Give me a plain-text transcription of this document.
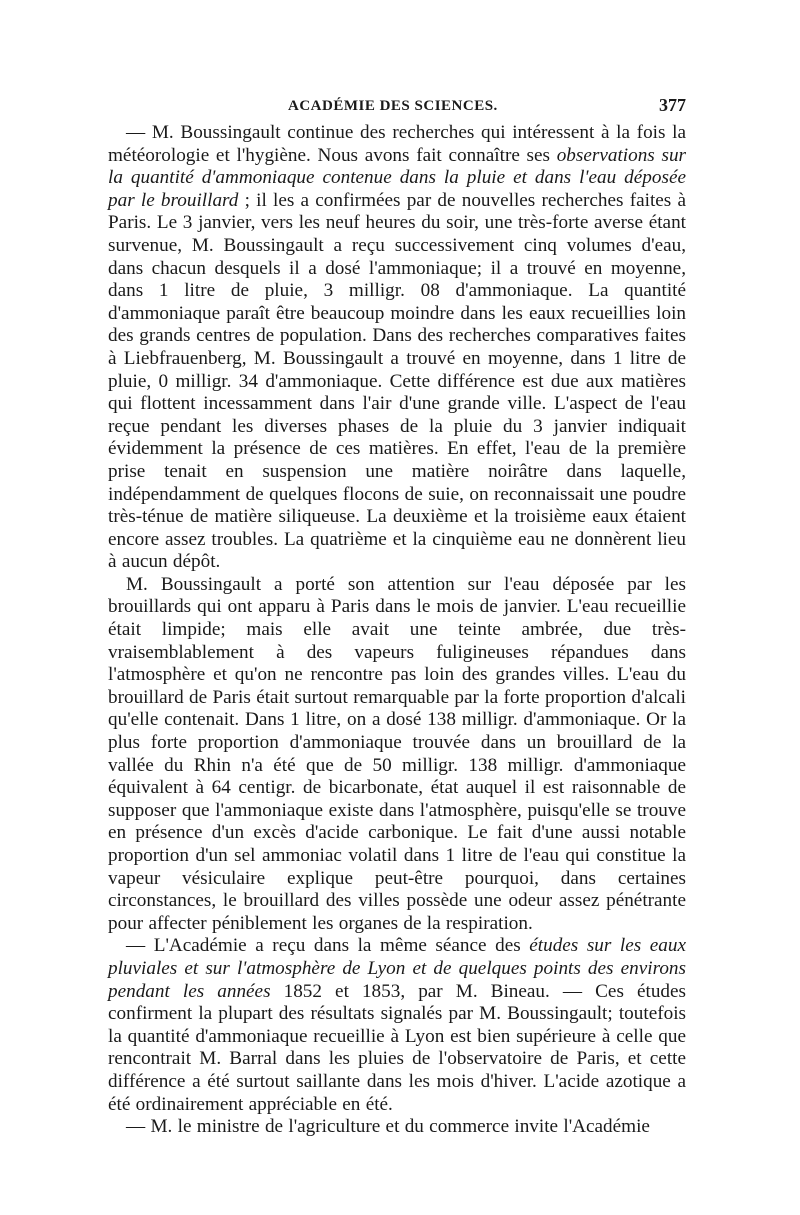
ACADÉMIE DES SCIENCES.	377

— M. Boussingault continue des recherches qui intéressent à la fois la météorologie et l'hygiène. Nous avons fait connaître ses observations sur la quantité d'ammoniaque contenue dans la pluie et dans l'eau déposée par le brouillard ; il les a confirmées par de nouvelles recherches faites à Paris. Le 3 janvier, vers les neuf heures du soir, une très-forte averse étant survenue, M. Boussingault a reçu successivement cinq volumes d'eau, dans chacun desquels il a dosé l'ammoniaque; il a trouvé en moyenne, dans 1 litre de pluie, 3 milligr. 08 d'ammoniaque. La quantité d'ammoniaque paraît être beaucoup moindre dans les eaux recueillies loin des grands centres de population. Dans des recherches comparatives faites à Liebfrauenberg, M. Boussingault a trouvé en moyenne, dans 1 litre de pluie, 0 milligr. 34 d'ammoniaque. Cette différence est due aux matières qui flottent incessamment dans l'air d'une grande ville. L'aspect de l'eau reçue pendant les diverses phases de la pluie du 3 janvier indiquait évidemment la présence de ces matières. En effet, l'eau de la première prise tenait en suspension une matière noirâtre dans laquelle, indépendamment de quelques flocons de suie, on reconnaissait une poudre très-ténue de matière siliqueuse. La deuxième et la troisième eaux étaient encore assez troubles. La quatrième et la cinquième eau ne donnèrent lieu à aucun dépôt.

M. Boussingault a porté son attention sur l'eau déposée par les brouillards qui ont apparu à Paris dans le mois de janvier. L'eau recueillie était limpide; mais elle avait une teinte ambrée, due très-vraisemblablement à des vapeurs fuligineuses répandues dans l'atmosphère et qu'on ne rencontre pas loin des grandes villes. L'eau du brouillard de Paris était surtout remarquable par la forte proportion d'alcali qu'elle contenait. Dans 1 litre, on a dosé 138 milligr. d'ammoniaque. Or la plus forte proportion d'ammoniaque trouvée dans un brouillard de la vallée du Rhin n'a été que de 50 milligr. 138 milligr. d'ammoniaque équivalent à 64 centigr. de bicarbonate, état auquel il est raisonnable de supposer que l'ammoniaque existe dans l'atmosphère, puisqu'elle se trouve en présence d'un excès d'acide carbonique. Le fait d'une aussi notable proportion d'un sel ammoniac volatil dans 1 litre de l'eau qui constitue la vapeur vésiculaire explique peut-être pourquoi, dans certaines circonstances, le brouillard des villes possède une odeur assez pénétrante pour affecter péniblement les organes de la respiration.

— L'Académie a reçu dans la même séance des études sur les eaux pluviales et sur l'atmosphère de Lyon et de quelques points des environs pendant les années 1852 et 1853, par M. Bineau. — Ces études confirment la plupart des résultats signalés par M. Boussingault; toutefois la quantité d'ammoniaque recueillie à Lyon est bien supérieure à celle que rencontrait M. Barral dans les pluies de l'observatoire de Paris, et cette différence a été surtout saillante dans les mois d'hiver. L'acide azotique a été ordinairement appréciable en été.

— M. le ministre de l'agriculture et du commerce invite l'Académie
